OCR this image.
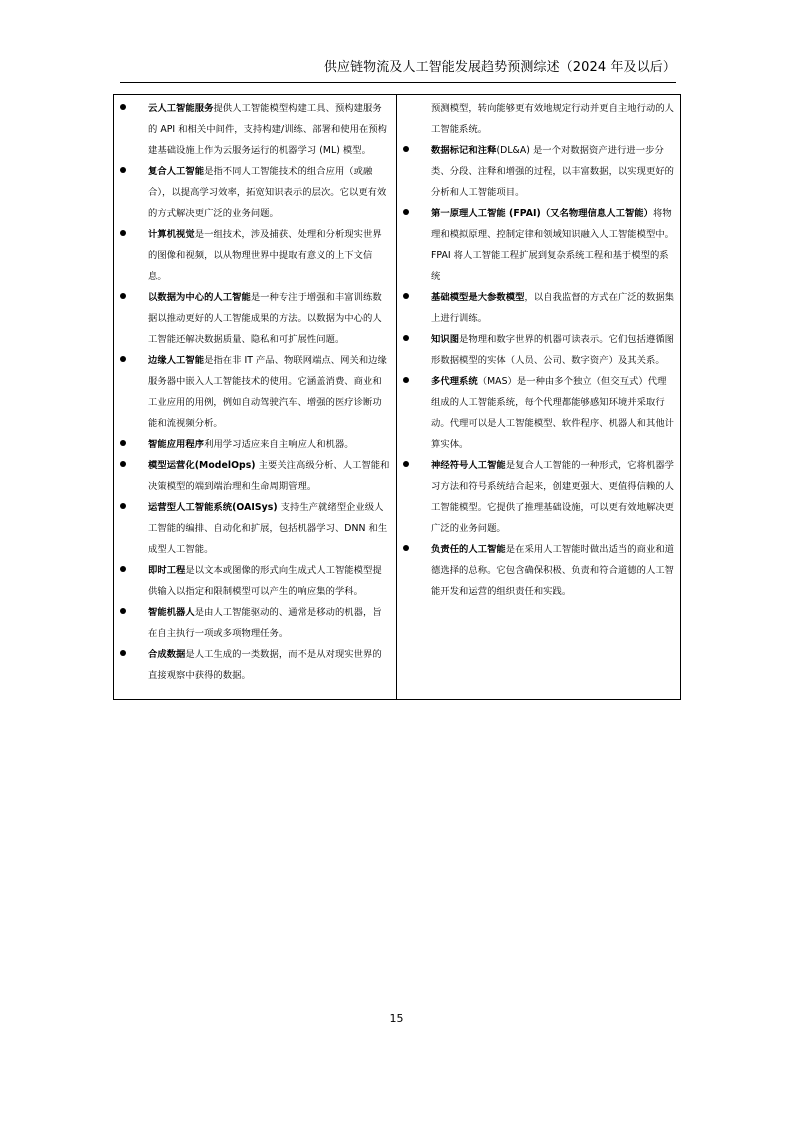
供应链物流及人工智能发展趋势预测综述（2024 年及以后）
云人工智能服务提供人工智能模型构建工具、预构建服务的 API 和相关中间件，支持构建/训练、部署和使用在预构建基础设施上作为云服务运行的机器学习 (ML) 模型。
复合人工智能是指不同人工智能技术的组合应用（或融合），以提高学习效率，拓宽知识表示的层次。它以更有效的方式解决更广泛的业务问题。
计算机视觉是一组技术，涉及捕获、处理和分析现实世界的图像和视频，以从物理世界中提取有意义的上下文信息。
以数据为中心的人工智能是一种专注于增强和丰富训练数据以推动更好的人工智能成果的方法。以数据为中心的人工智能还解决数据质量、隐私和可扩展性问题。
边缘人工智能是指在非 IT 产品、物联网端点、网关和边缘服务器中嵌入人工智能技术的使用。它涵盖消费、商业和工业应用的用例，例如自动驾驶汽车、增强的医疗诊断功能和流视频分析。
智能应用程序利用学习适应来自主响应人和机器。
模型运营化(ModelOps) 主要关注高级分析、人工智能和决策模型的端到端治理和生命周期管理。
运营型人工智能系统(OAISys) 支持生产就绪型企业级人工智能的编排、自动化和扩展，包括机器学习、DNN 和生成型人工智能。
即时工程是以文本或图像的形式向生成式人工智能模型提供输入以指定和限制模型可以产生的响应集的学科。
智能机器人是由人工智能驱动的、通常是移动的机器，旨在自主执行一项或多项物理任务。
合成数据是人工生成的一类数据，而不是从对现实世界的直接观察中获得的数据。
预测模型，转向能够更有效地规定行动并更自主地行动的人工智能系统。
数据标记和注释(DL&A) 是一个对数据资产进行进一步分类、分段、注释和增强的过程，以丰富数据，以实现更好的分析和人工智能项目。
第一原理人工智能 (FPAI)（又名物理信息人工智能）将物理和模拟原理、控制定律和领域知识融入人工智能模型中。FPAI 将人工智能工程扩展到复杂系统工程和基于模型的系统
基础模型是大参数模型，以自我监督的方式在广泛的数据集上进行训练。
知识图是物理和数字世界的机器可读表示。它们包括遵循图形数据模型的实体（人员、公司、数字资产）及其关系。
多代理系统（MAS）是一种由多个独立（但交互式）代理组成的人工智能系统，每个代理都能够感知环境并采取行动。代理可以是人工智能模型、软件程序、机器人和其他计算实体。
神经符号人工智能是复合人工智能的一种形式，它将机器学习方法和符号系统结合起来，创建更强大、更值得信赖的人工智能模型。它提供了推理基础设施，可以更有效地解决更广泛的业务问题。
负责任的人工智能是在采用人工智能时做出适当的商业和道德选择的总称。它包含确保积极、负责和符合道德的人工智能开发和运营的组织责任和实践。
15
